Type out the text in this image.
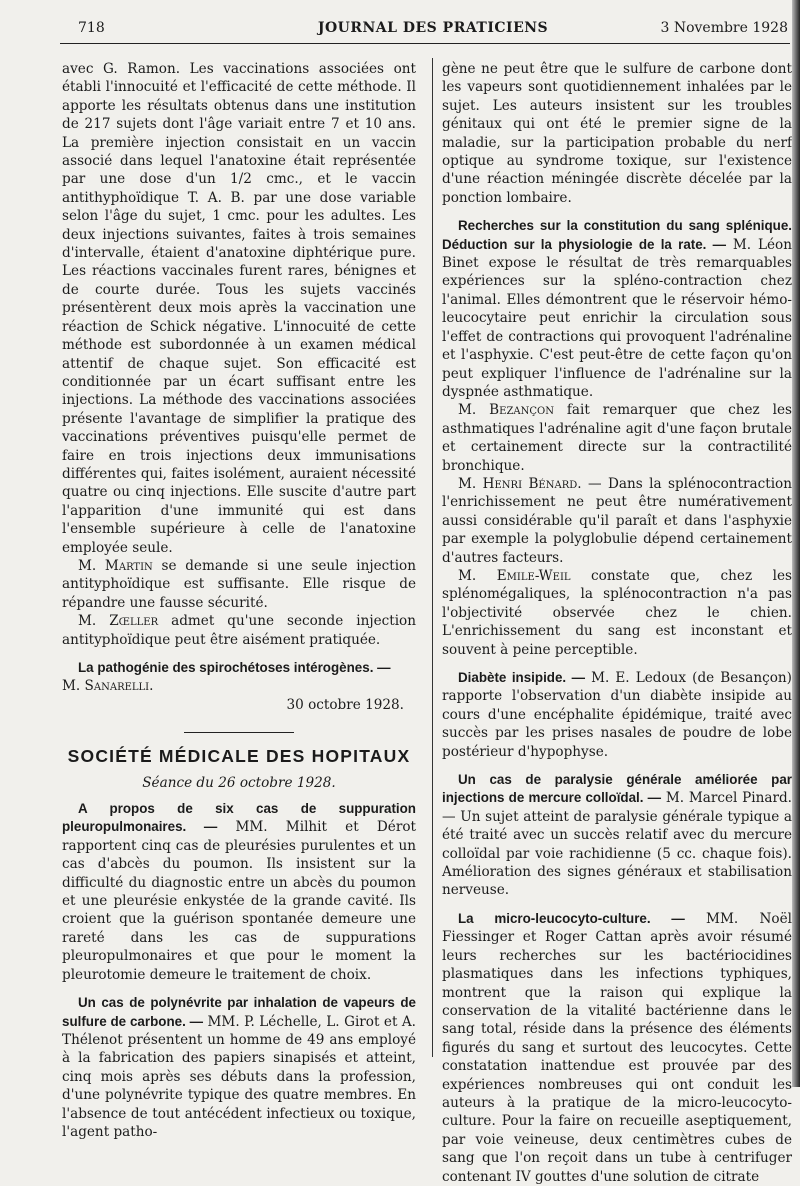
718	JOURNAL DES PRATICIENS	3 Novembre 1928

avec G. Ramon. Les vaccinations associées ont établi l'innocuité et l'efficacité de cette méthode. Il apporte les résultats obtenus dans une institution de 217 sujets dont l'âge variait entre 7 et 10 ans. La première injection consistait en un vaccin associé dans lequel l'anatoxine était représentée par une dose d'un 1/2 cmc., et le vaccin antithyphoïdique T. A. B. par une dose variable selon l'âge du sujet, 1 cmc. pour les adultes. Les deux injections suivantes, faites à trois semaines d'intervalle, étaient d'anatoxine diphtérique pure. Les réactions vaccinales furent rares, bénignes et de courte durée. Tous les sujets vaccinés présentèrent deux mois après la vaccination une réaction de Schick négative. L'innocuité de cette méthode est subordonnée à un examen médical attentif de chaque sujet. Son efficacité est conditionnée par un écart suffisant entre les injections. La méthode des vaccinations associées présente l'avantage de simplifier la pratique des vaccinations préventives puisqu'elle permet de faire en trois injections deux immunisations différentes qui, faites isolément, auraient nécessité quatre ou cinq injections. Elle suscite d'autre part l'apparition d'une immunité qui est dans l'ensemble supérieure à celle de l'anatoxine employée seule.

M. Martin se demande si une seule injection antityphoïdique est suffisante. Elle risque de répandre une fausse sécurité.

M. Zœller admet qu'une seconde injection antityphoïdique peut être aisément pratiquée.

La pathogénie des spirochétoses intérogènes. —

M. Sanarelli.

30 octobre 1928.

SOCIÉTÉ MÉDICALE DES HOPITAUX
Séance du 26 octobre 1928.

A propos de six cas de suppuration pleuropulmonaires. — MM. Milhit et Dérot rapportent cinq cas de pleurésies purulentes et un cas d'abcès du poumon. Ils insistent sur la difficulté du diagnostic entre un abcès du poumon et une pleurésie enkystée de la grande cavité. Ils croient que la guérison spontanée demeure une rareté dans les cas de suppurations pleuropulmonaires et que pour le moment la pleurotomie demeure le traitement de choix.

Un cas de polynévrite par inhalation de vapeurs de sulfure de carbone. — MM. P. Léchelle, L. Girot et A. Thélenot présentent un homme de 49 ans employé à la fabrication des papiers sinapisés et atteint, cinq mois après ses débuts dans la profession, d'une polynévrite typique des quatre membres. En l'absence de tout antécédent infectieux ou toxique, l'agent patho-

gène ne peut être que le sulfure de carbone dont les vapeurs sont quotidiennement inhalées par le sujet. Les auteurs insistent sur les troubles génitaux qui ont été le premier signe de la maladie, sur la participation probable du nerf optique au syndrome toxique, sur l'existence d'une réaction méningée discrète décelée par la ponction lombaire.

Recherches sur la constitution du sang splénique. Déduction sur la physiologie de la rate. — M. Léon Binet expose le résultat de très remarquables expériences sur la spléno-contraction chez l'animal. Elles démontrent que le réservoir hémo-leucocytaire peut enrichir la circulation sous l'effet de contractions qui provoquent l'adrénaline et l'asphyxie. C'est peut-être de cette façon qu'on peut expliquer l'influence de l'adrénaline sur la dyspnée asthmatique.

M. Bezançon fait remarquer que chez les asthmatiques l'adrénaline agit d'une façon brutale et certainement directe sur la contractilité bronchique.

M. Henri Bénard. — Dans la splénocontraction l'enrichissement ne peut être numérativement aussi considérable qu'il paraît et dans l'asphyxie par exemple la polyglobulie dépend certainement d'autres facteurs.

M. Emile-Weil constate que, chez les splénomégaliques, la splénocontraction n'a pas l'objectivité observée chez le chien. L'enrichissement du sang est inconstant et souvent à peine perceptible.

Diabète insipide. — M. E. Ledoux (de Besançon) rapporte l'observation d'un diabète insipide au cours d'une encéphalite épidémique, traité avec succès par les prises nasales de poudre de lobe postérieur d'hypophyse.

Un cas de paralysie générale améliorée par injections de mercure colloïdal. — M. Marcel Pinard. — Un sujet atteint de paralysie générale typique a été traité avec un succès relatif avec du mercure colloïdal par voie rachidienne (5 cc. chaque fois). Amélioration des signes généraux et stabilisation nerveuse.

La micro-leucocyto-culture. — MM. Noël Fiessinger et Roger Cattan après avoir résumé leurs recherches sur les bactériocidines plasmatiques dans les infections typhiques, montrent que la raison qui explique la conservation de la vitalité bactérienne dans le sang total, réside dans la présence des éléments figurés du sang et surtout des leucocytes. Cette constatation inattendue est prouvée par des expériences nombreuses qui ont conduit les auteurs à la pratique de la micro-leucocyto-culture. Pour la faire on recueille aseptiquement, par voie veineuse, deux centimètres cubes de sang que l'on reçoit dans un tube à centrifuger contenant IV gouttes d'une solution de citrate
